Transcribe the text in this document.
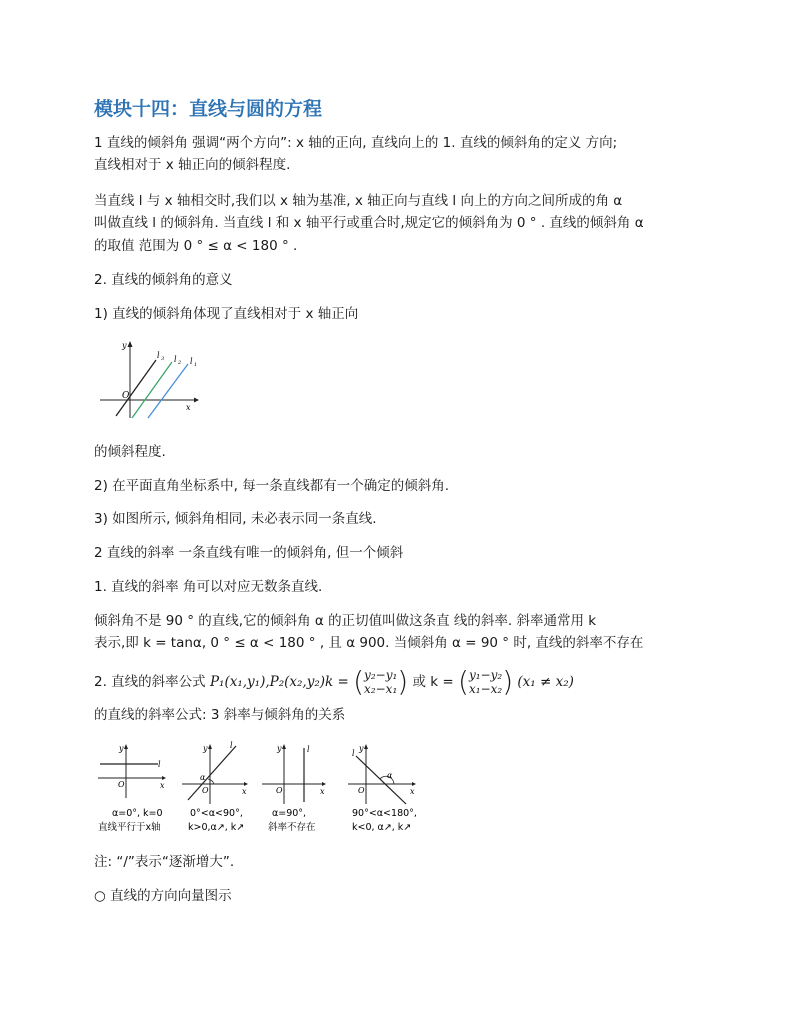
模块十四：直线与圆的方程
1 直线的倾斜角 强调“两个方向”: x 轴的正向, 直线向上的 1. 直线的倾斜角的定义 方向;
直线相对于 x 轴正向的倾斜程度.
当直线 l 与 x 轴相交时,我们以 x 轴为基准, x 轴正向与直线 l 向上的方向之间所成的角 α
叫做直线 l 的倾斜角. 当直线 l 和 x 轴平行或重合时,规定它的倾斜角为 0 ° . 直线的倾斜角 α
的取值 范围为 0 ° ≤ α < 180 ° .
2. 直线的倾斜角的意义
1) 直线的倾斜角体现了直线相对于 x 轴正向
y
O
x
l 3 l 2 l 1
的倾斜程度.
2) 在平面直角坐标系中, 每一条直线都有一个确定的倾斜角.
3) 如图所示, 倾斜角相同, 未必表示同一条直线.
2 直线的斜率 一条直线有唯一的倾斜角, 但一个倾斜
1. 直线的斜率 角可以对应无数条直线.
倾斜角不是 90 ° 的直线,它的倾斜角 α 的正切值叫做这条直 线的斜率. 斜率通常用 k
表示,即 k = tanα, 0 ° ≤ α < 180 ° , 且 α 900. 当倾斜角 α = 90 ° 时, 直线的斜率不存在
2. 直线的斜率公式 P₁(x₁,y₁),P₂(x₂,y₂)k = ( y₂−y₁
x₂−x₁ ) 或 k = ( y₁−y₂
x₁−x₂ ) (x₁ ≠ x₂)
的直线的斜率公式: 3 斜率与倾斜角的关系
y
x
O
l
α=0°, k=0
直线平行于x轴
y
x
O
l
α
0°<α<90°,
k>0,α↗, k↗
y
x
O
l
α=90°,
斜率不存在
y
x
O
l
α
90°<α<180°,
k<0, α↗, k↗
注: “/”表示“逐渐增大”.
○ 直线的方向向量图示
